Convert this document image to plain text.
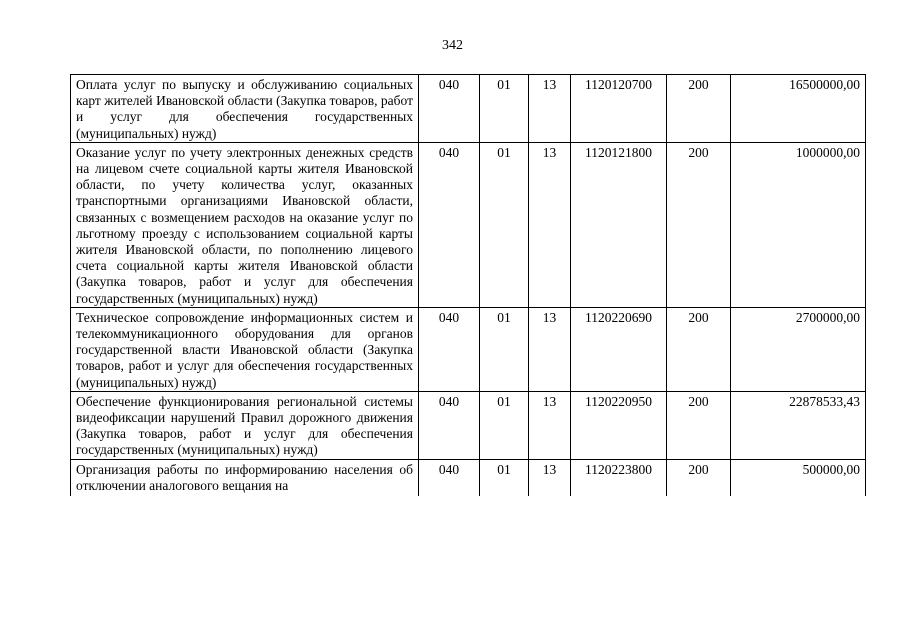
342
Оплата услуг по выпуску и обслуживанию социальных карт жителей Ивановской области (Закупка товаров, работ и услуг для обеспечения государственных (муниципальных) нужд)	040	01	13	1120120700	200	16500000,00

Оказание услуг по учету электронных денежных средств на лицевом счете социальной карты жителя Ивановской области, по учету количества услуг, оказанных транспортными организациями Ивановской области, связанных с возмещением расходов на оказание услуг по льготному проезду с использованием социальной карты жителя Ивановской области, по пополнению лицевого счета социальной карты жителя Ивановской области (Закупка товаров, работ и услуг для обеспечения государственных (муниципальных) нужд)	040	01	13	1120121800	200	1000000,00

Техническое сопровождение информационных систем и телекоммуникационного оборудования для органов государственной власти Ивановской области (Закупка товаров, работ и услуг для обеспечения государственных (муниципальных) нужд)	040	01	13	1120220690	200	2700000,00

Обеспечение функционирования региональной системы видеофиксации нарушений Правил дорожного движения (Закупка товаров, работ и услуг для обеспечения государственных (муниципальных) нужд)	040	01	13	1120220950	200	22878533,43

Организация работы по информированию населения об отключении аналогового вещания на	040	01	13	1120223800	200	500000,00
